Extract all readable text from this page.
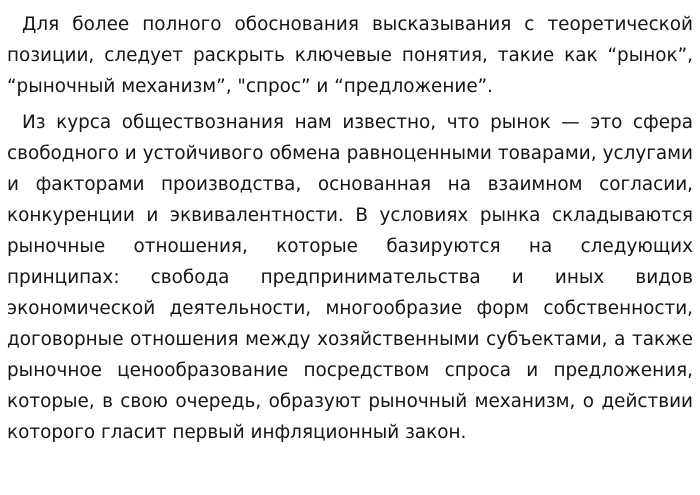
Для более полного обоснования высказывания с теоретической позиции, следует раскрыть ключевые понятия, такие как “рынок”, “рыночный механизм”, "спрос” и “предложение”.

Из курса обществознания нам известно, что рынок — это сфера свободного и устойчивого обмена равноценными товарами, услугами и факторами производства, основанная на взаимном согласии, конкуренции и эквивалентности. В условиях рынка складываются рыночные отношения, которые базируются на следующих принципах: свобода предпринимательства и иных видов экономической деятельности, многообразие форм собственности, договорные отношения между хозяйственными субъектами, а также рыночное ценообразование посредством спроса и предложения, которые, в свою очередь, образуют рыночный механизм, о действии которого гласит первый инфляционный закон.
